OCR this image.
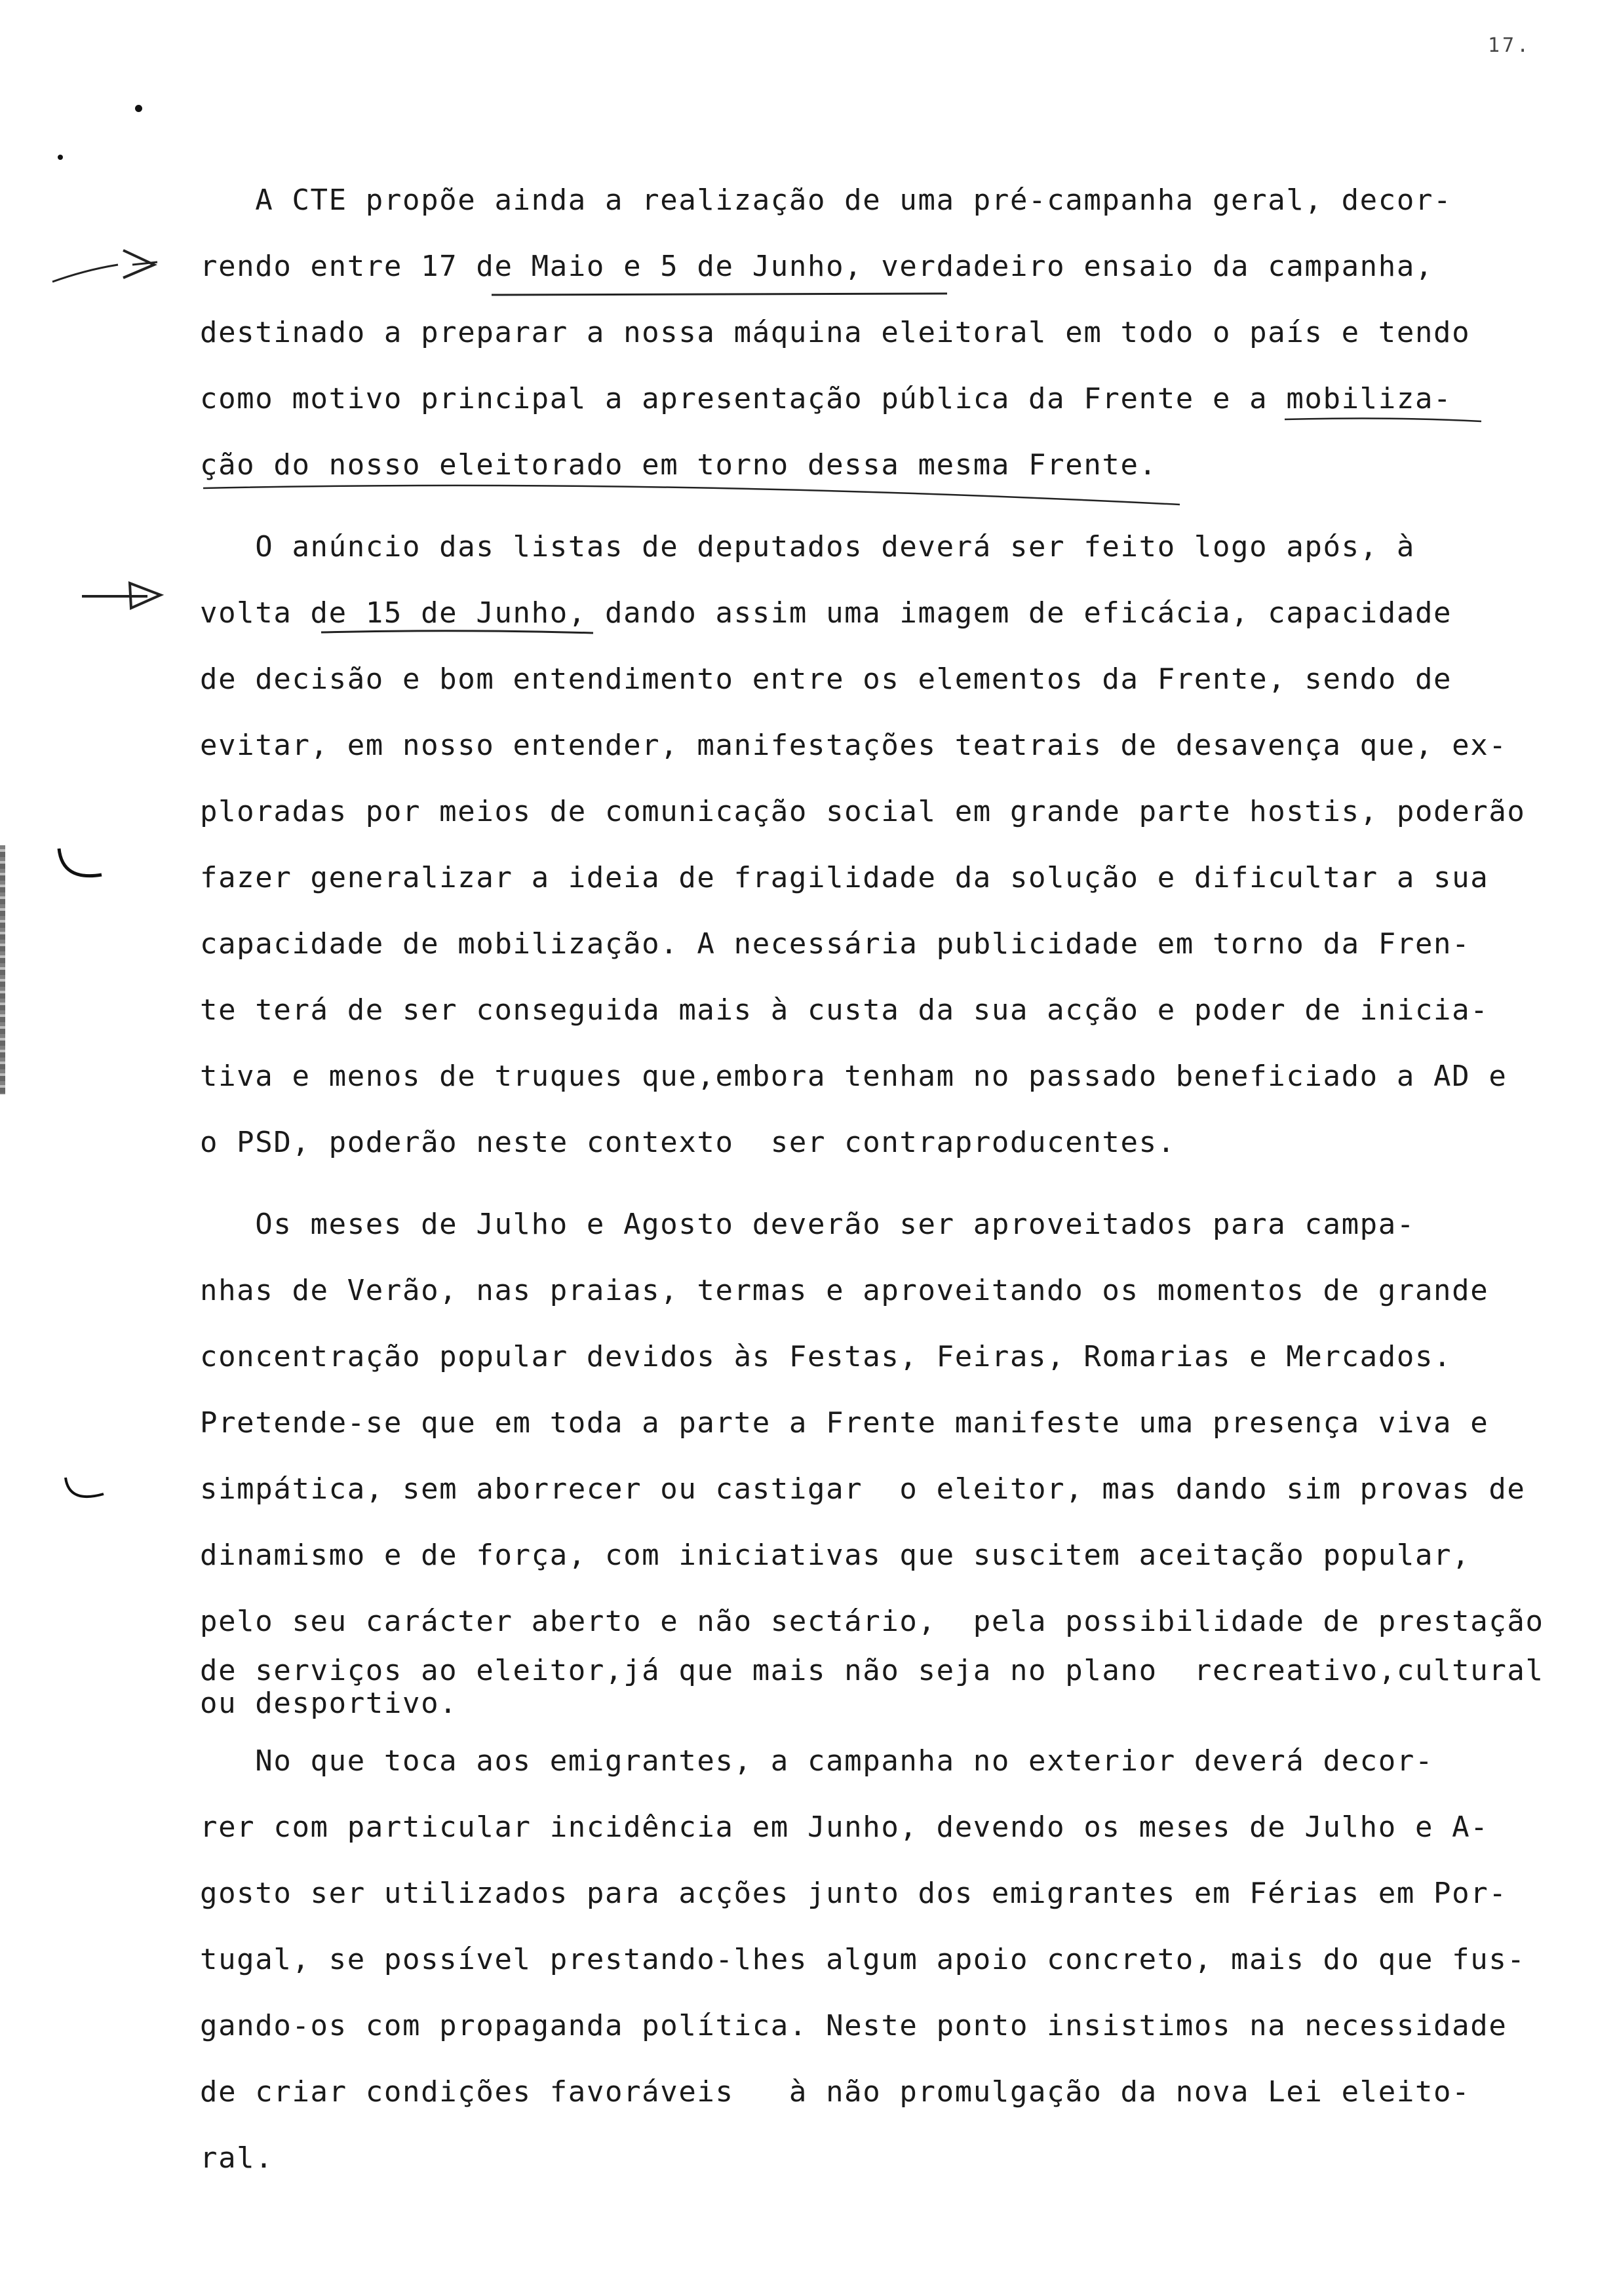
17.
A CTE propõe ainda a realização de uma pré-campanha geral, decor-
rendo entre 17 de Maio e 5 de Junho, verdadeiro ensaio da campanha,
destinado a preparar a nossa máquina eleitoral em todo o país e tendo
como motivo principal a apresentação pública da Frente e a mobiliza-
ção do nosso eleitorado em torno dessa mesma Frente.
O anúncio das listas de deputados deverá ser feito logo após, à
volta de 15 de Junho, dando assim uma imagem de eficácia, capacidade
de decisão e bom entendimento entre os elementos da Frente, sendo de
evitar, em nosso entender, manifestações teatrais de desavença que, ex-
ploradas por meios de comunicação social em grande parte hostis, poderão
fazer generalizar a ideia de fragilidade da solução e dificultar a sua
capacidade de mobilização. A necessária publicidade em torno da Fren-
te terá de ser conseguida mais à custa da sua acção e poder de inicia-
tiva e menos de truques que,embora tenham no passado beneficiado a AD e
o PSD, poderão neste contexto  ser contraproducentes.
Os meses de Julho e Agosto deverão ser aproveitados para campa-
nhas de Verão, nas praias, termas e aproveitando os momentos de grande
concentração popular devidos às Festas, Feiras, Romarias e Mercados.
Pretende-se que em toda a parte a Frente manifeste uma presença viva e
simpática, sem aborrecer ou castigar  o eleitor, mas dando sim provas de
dinamismo e de força, com iniciativas que suscitem aceitação popular,
pelo seu carácter aberto e não sectário,  pela possibilidade de prestação
de serviços ao eleitor,já que mais não seja no plano  recreativo,cultural
ou desportivo.
No que toca aos emigrantes, a campanha no exterior deverá decor-
rer com particular incidência em Junho, devendo os meses de Julho e A-
gosto ser utilizados para acções junto dos emigrantes em Férias em Por-
tugal, se possível prestando-lhes algum apoio concreto, mais do que fus-
gando-os com propaganda política. Neste ponto insistimos na necessidade
de criar condições favoráveis   à não promulgação da nova Lei eleito-
ral.
